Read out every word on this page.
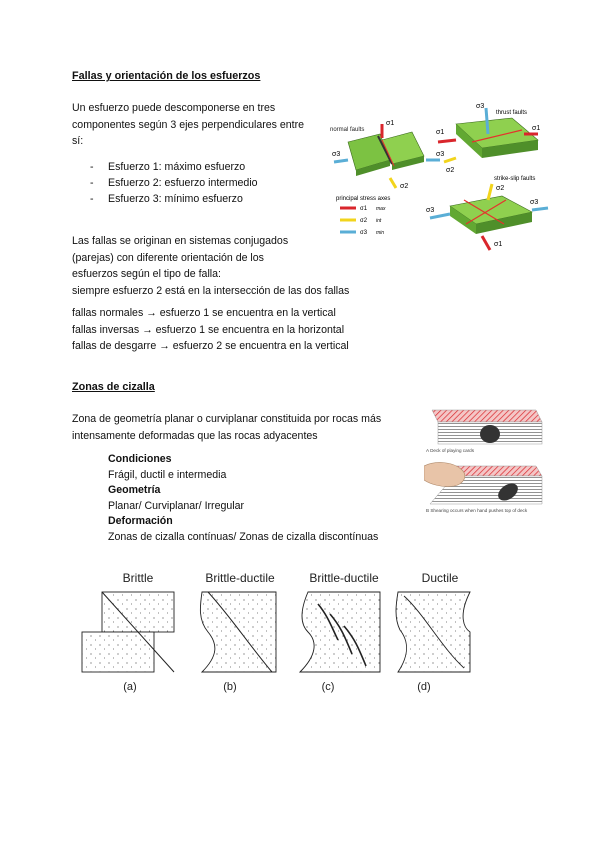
Fallas y orientación de los esfuerzos
Un esfuerzo puede descomponerse en tres
componentes según 3 ejes perpendiculares entre
sí:
- Esfuerzo 1: máximo esfuerzo
- Esfuerzo 2: esfuerzo intermedio
- Esfuerzo 3: mínimo esfuerzo
Las fallas se originan en sistemas conjugados
(parejas) con diferente orientación de los
esfuerzos según el tipo de falla:
siempre esfuerzo 2 está en la intersección de las dos fallas
fallas normales → esfuerzo 1 se encuentra en la vertical
fallas inversas → esfuerzo 1 se encuentra en la horizontal
fallas de desgarre → esfuerzo 2 se encuentra en la vertical
normal faults
σ1
σ3	σ3
σ2
σ3
thrust faults
σ1
σ1
σ2
strike-slip faults
σ2
σ3
σ3
σ1
principal stress axes
σ1 max
σ2 int
σ3 min
Zonas de cizalla
Zona de geometría planar o curviplanar constituida por rocas más
intensamente deformadas que las rocas adyacentes
Condiciones
Frágil, ductil e intermedia
Geometría
Planar/ Curviplanar/ Irregular
Deformación
Zonas de cizalla contínuas/ Zonas de cizalla discontínuas
A Deck of playing cards
B Shearing occurs when hand pushes top of deck
Brittle	Brittle-ductile	Brittle-ductile	Ductile
(a)	(b)	(c)	(d)
